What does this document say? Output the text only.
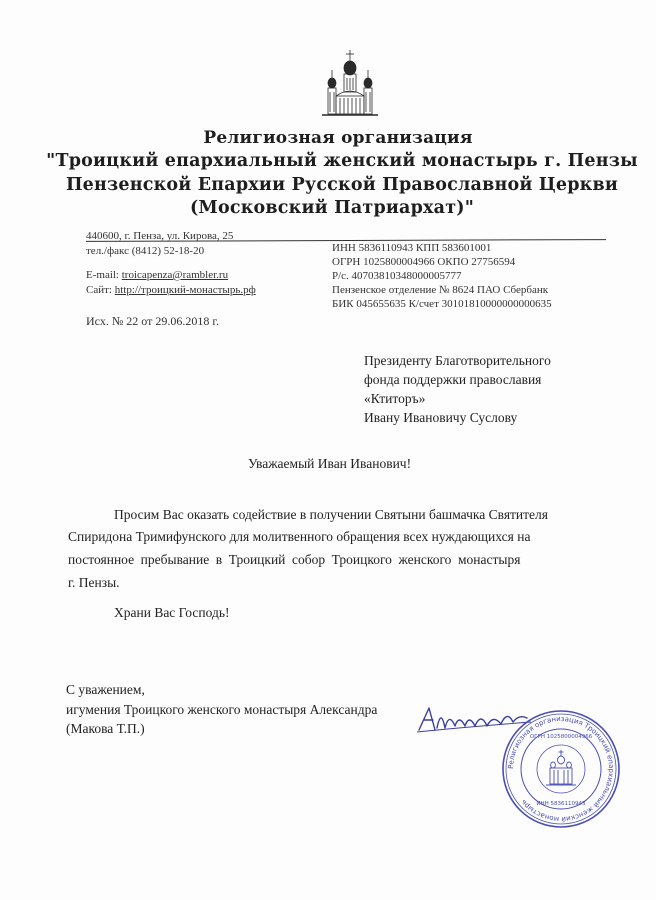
Религиозная организация
"Троицкий епархиальный женский монастырь г. Пензы
Пензенской Епархии Русской Православной Церкви
(Московский Патриархат)"
440600, г. Пенза, ул. Кирова, 25
тел./факс (8412) 52-18-20
E-mail: troicapenza@rambler.ru
Сайт: http://троицкий-монастырь.рф
ИНН 5836110943 КПП 583601001
ОГРН 1025800004966 ОКПО 27756594
Р/с. 40703810348000005777
Пензенское отделение № 8624 ПАО Сбербанк
БИК 045655635 К/счет 30101810000000000635
Исх. № 22 от 29.06.2018 г.
Президенту Благотворительного
фонда поддержки православия
«Ктиторъ»
Ивану Ивановичу Суслову
Уважаемый Иван Иванович!
Просим Вас оказать содействие в получении Святыни башмачка Святителя
Спиридона Тримифунского для молитвенного обращения всех нуждающихся на
постоянное пребывание в Троицкий собор Троицкого женского монастыря
г. Пензы.
Храни Вас Господь!
С уважением,
игумения Троицкого женского монастыря Александра
(Макова Т.П.)
Религиозная организация Троицкий епархиальный женский монастырь
ОГРН 1025800004966
ИНН 5836110943
